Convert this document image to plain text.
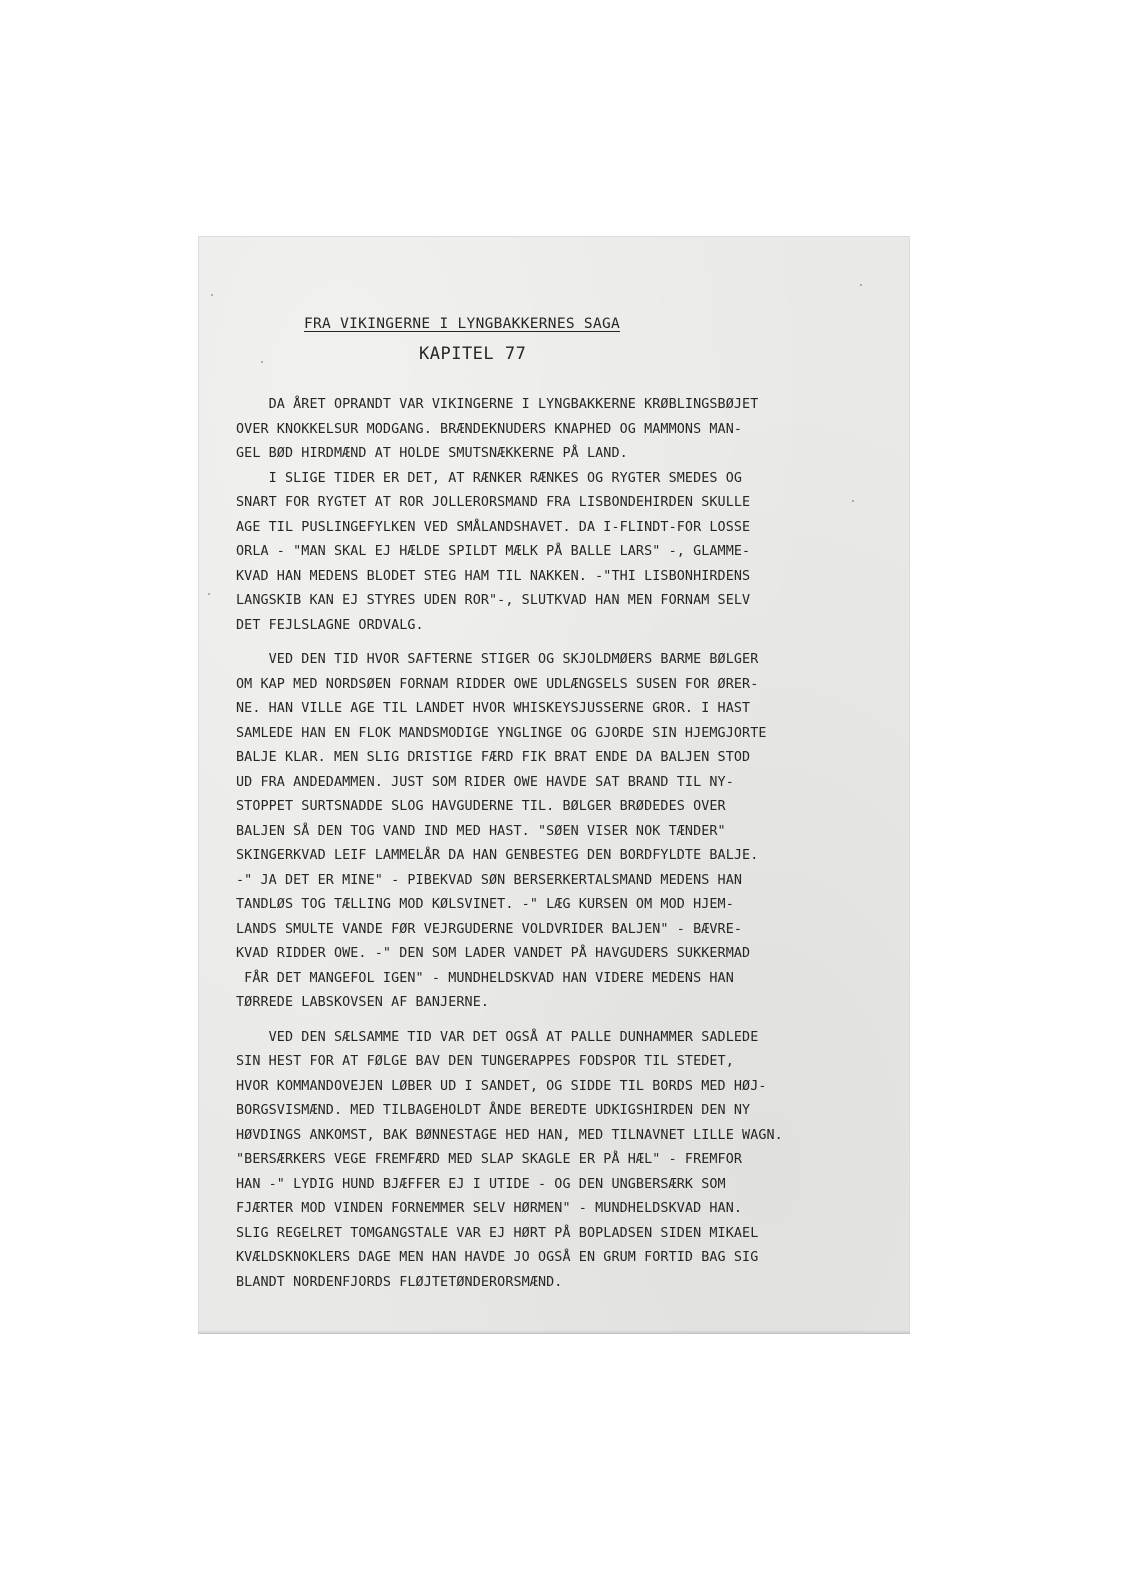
FRA VIKINGERNE I LYNGBAKKERNES SAGA
KAPITEL 77
DA ÅRET OPRANDT VAR VIKINGERNE I LYNGBAKKERNE KRØBLINGSBØJET
OVER KNOKKELSUR MODGANG. BRÆNDEKNUDERS KNAPHED OG MAMMONS MAN-
GEL BØD HIRDMÆND AT HOLDE SMUTSNÆKKERNE PÅ LAND.
I SLIGE TIDER ER DET, AT RÆNKER RÆNKES OG RYGTER SMEDES OG
SNART FOR RYGTET AT ROR JOLLERORSMAND FRA LISBONDEHIRDEN SKULLE
AGE TIL PUSLINGEFYLKEN VED SMÅLANDSHAVET. DA I-FLINDT-FOR LOSSE
ORLA - "MAN SKAL EJ HÆLDE SPILDT MÆLK PÅ BALLE LARS" -, GLAMME-
KVAD HAN MEDENS BLODET STEG HAM TIL NAKKEN. -"THI LISBONHIRDENS
LANGSKIB KAN EJ STYRES UDEN ROR"-, SLUTKVAD HAN MEN FORNAM SELV
DET FEJLSLAGNE ORDVALG.
VED DEN TID HVOR SAFTERNE STIGER OG SKJOLDMØERS BARME BØLGER
OM KAP MED NORDSØEN FORNAM RIDDER OWE UDLÆNGSELS SUSEN FOR ØRER-
NE. HAN VILLE AGE TIL LANDET HVOR WHISKEYSJUSSERNE GROR. I HAST
SAMLEDE HAN EN FLOK MANDSMODIGE YNGLINGE OG GJORDE SIN HJEMGJORTE
BALJE KLAR. MEN SLIG DRISTIGE FÆRD FIK BRAT ENDE DA BALJEN STOD
UD FRA ANDEDAMMEN. JUST SOM RIDER OWE HAVDE SAT BRAND TIL NY-
STOPPET SURTSNADDE SLOG HAVGUDERNE TIL. BØLGER BRØDEDES OVER
BALJEN SÅ DEN TOG VAND IND MED HAST. "SØEN VISER NOK TÆNDER"
SKINGERKVAD LEIF LAMMELÅR DA HAN GENBESTEG DEN BORDFYLDTE BALJE.
-" JA DET ER MINE" - PIBEKVAD SØN BERSERKERTALSMAND MEDENS HAN
TANDLØS TOG TÆLLING MOD KØLSVINET. -" LÆG KURSEN OM MOD HJEM-
LANDS SMULTE VANDE FØR VEJRGUDERNE VOLDVRIDER BALJEN" - BÆVRE-
KVAD RIDDER OWE. -" DEN SOM LADER VANDET PÅ HAVGUDERS SUKKERMAD
FÅR DET MANGEFOL IGEN" - MUNDHELDSKVAD HAN VIDERE MEDENS HAN
TØRREDE LABSKOVSEN AF BANJERNE.
VED DEN SÆLSAMME TID VAR DET OGSÅ AT PALLE DUNHAMMER SADLEDE
SIN HEST FOR AT FØLGE BAV DEN TUNGERAPPES FODSPOR TIL STEDET,
HVOR KOMMANDOVEJEN LØBER UD I SANDET, OG SIDDE TIL BORDS MED HØJ-
BORGSVISMÆND. MED TILBAGEHOLDT ÅNDE BEREDTE UDKIGSHIRDEN DEN NY
HØVDINGS ANKOMST, BAK BØNNESTAGE HED HAN, MED TILNAVNET LILLE WAGN.
"BERSÆRKERS VEGE FREMFÆRD MED SLAP SKAGLE ER PÅ HÆL" - FREMFOR
HAN -" LYDIG HUND BJÆFFER EJ I UTIDE - OG DEN UNGBERSÆRK SOM
FJÆRTER MOD VINDEN FORNEMMER SELV HØRMEN" - MUNDHELDSKVAD HAN.
SLIG REGELRET TOMGANGSTALE VAR EJ HØRT PÅ BOPLADSEN SIDEN MIKAEL
KVÆLDSKNOKLERS DAGE MEN HAN HAVDE JO OGSÅ EN GRUM FORTID BAG SIG
BLANDT NORDENFJORDS FLØJTETØNDERORSMÆND.
